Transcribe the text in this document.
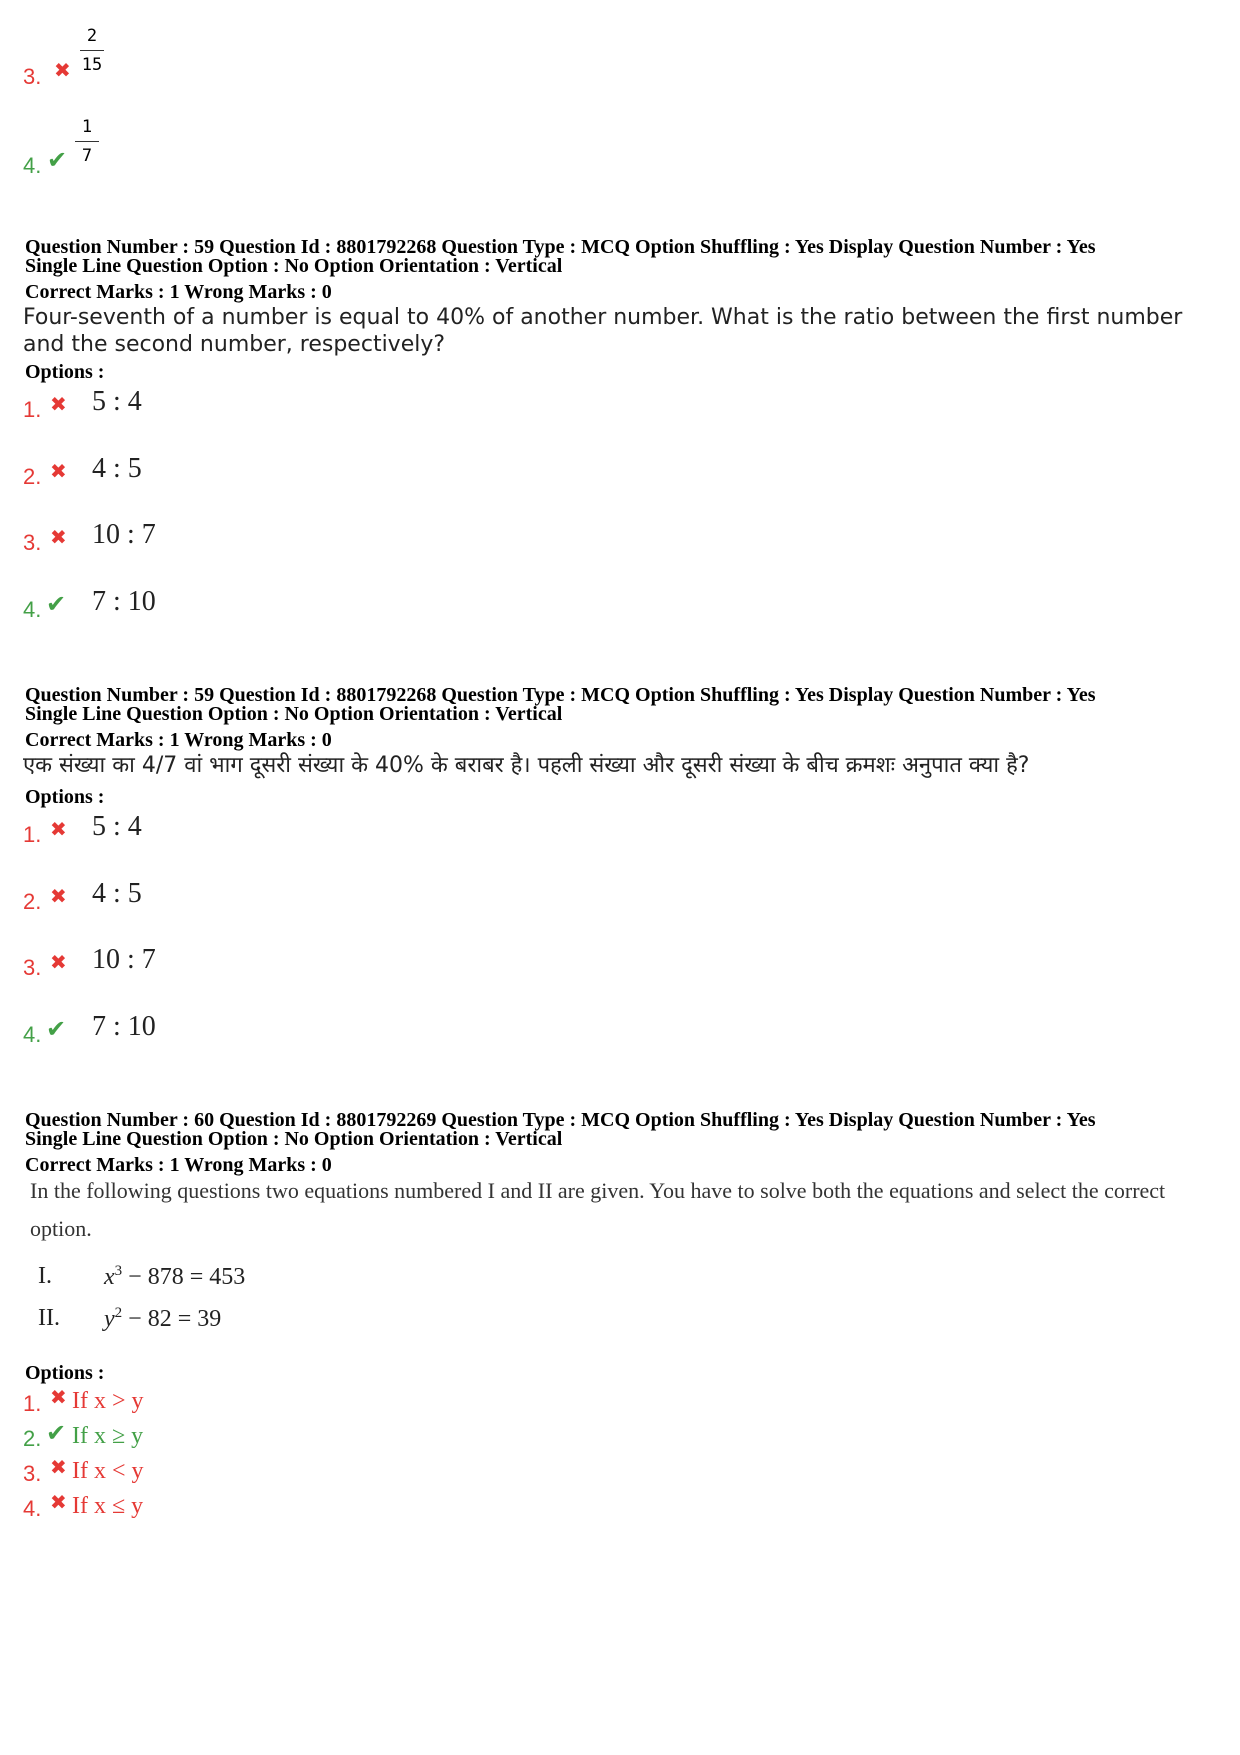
3. ✖
2
15
4. ✔
1
7
Question Number : 59 Question Id : 8801792268 Question Type : MCQ Option Shuffling : Yes Display Question Number : Yes
Single Line Question Option : No Option Orientation : Vertical
Correct Marks : 1 Wrong Marks : 0
Four-seventh of a number is equal to 40% of another number. What is the ratio between the first number and the second number, respectively?
Options :
1. ✖ 5 : 4
2. ✖ 4 : 5
3. ✖ 10 : 7
4. ✔ 7 : 10
Question Number : 59 Question Id : 8801792268 Question Type : MCQ Option Shuffling : Yes Display Question Number : Yes
Single Line Question Option : No Option Orientation : Vertical
Correct Marks : 1 Wrong Marks : 0
एक संख्या का 4/7 वां भाग दूसरी संख्या के 40% के बराबर है। पहली संख्या और दूसरी संख्या के बीच क्रमशः अनुपात क्या है?
Options :
1. ✖ 5 : 4
2. ✖ 4 : 5
3. ✖ 10 : 7
4. ✔ 7 : 10
Question Number : 60 Question Id : 8801792269 Question Type : MCQ Option Shuffling : Yes Display Question Number : Yes
Single Line Question Option : No Option Orientation : Vertical
Correct Marks : 1 Wrong Marks : 0
In the following questions two equations numbered I and II are given. You have to solve both the equations and select the correct option.
I. $x^3 - 878 = 453$
II. $y^2 - 82 = 39$
Options :
1. ✖ If x > y
2. ✔ If x ≥ y
3. ✖ If x < y
4. ✖ If x ≤ y
